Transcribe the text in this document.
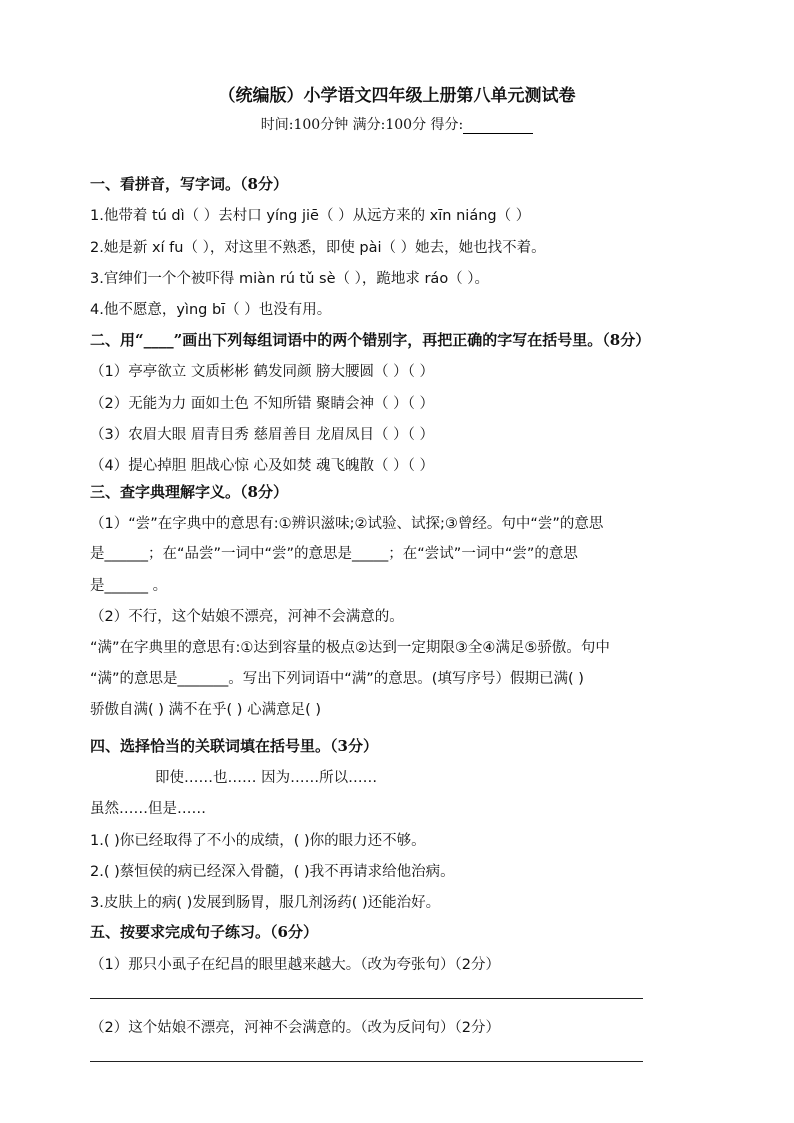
（统编版）小学语文四年级上册第八单元测试卷
时间:100分钟 满分:100分 得分:
一、看拼音，写字词。（8分）
1.他带着 tú dì（ ）去村口 yíng jiē（ ）从远方来的 xīn niáng（ ）
2.她是新 xí fu（ ），对这里不熟悉，即使 pài（ ）她去，她也找不着。
3.官绅们一个个被吓得 miàn rú tǔ sè（ ），跪地求 ráo（ ）。
4.他不愿意，yìng bī（ ）也没有用。
二、用“____”画出下列每组词语中的两个错别字，再把正确的字写在括号里。（8分）
（1）亭亭欲立 文质彬彬 鹤发同颜 膀大腰圆（ ）（ ）
（2）无能为力 面如土色 不知所错 聚睛会神（ ）（ ）
（3）农眉大眼 眉青目秀 慈眉善目 龙眉凤目（ ）（ ）
（4）提心掉胆 胆战心惊 心及如焚 魂飞魄散（ ）（ ）
三、查字典理解字义。（8分）
（1）“尝”在字典中的意思有:①辨识滋味;②试验、试探;③曾经。句中“尝”的意思
是______；在“品尝”一词中“尝”的意思是_____；在“尝试”一词中“尝”的意思
是______ 。
（2）不行，这个姑娘不漂亮，河神不会满意的。
“满”在字典里的意思有:①达到容量的极点②达到一定期限③全④满足⑤骄傲。句中
“满”的意思是_______。写出下列词语中“满”的意思。(填写序号）假期已满( )
骄傲自满( ) 满不在乎( ) 心满意足( )
四、选择恰当的关联词填在括号里。（3分）
即使……也…… 因为……所以……
虽然……但是……
1.( )你已经取得了不小的成绩，( )你的眼力还不够。
2.( )蔡恒侯的病已经深入骨髓，( )我不再请求给他治病。
3.皮肤上的病( )发展到肠胃，服几剂汤药( )还能治好。
五、按要求完成句子练习。（6分）
（1）那只小虱子在纪昌的眼里越来越大。（改为夸张句）（2分）
（2）这个姑娘不漂亮，河神不会满意的。（改为反问句）（2分）
